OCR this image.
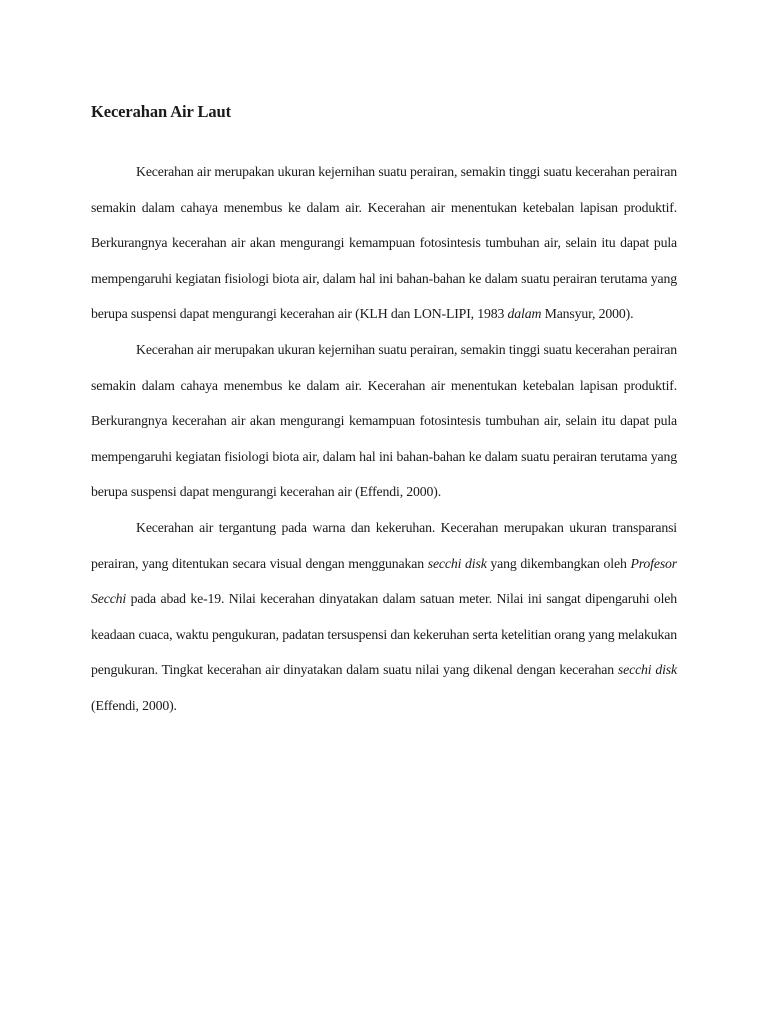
Kecerahan Air Laut

Kecerahan air merupakan ukuran kejernihan suatu perairan, semakin tinggi suatu kecerahan perairan semakin dalam cahaya menembus ke dalam air. Kecerahan air menentukan ketebalan lapisan produktif. Berkurangnya kecerahan air akan mengurangi kemampuan fotosintesis tumbuhan air, selain itu dapat pula mempengaruhi kegiatan fisiologi biota air, dalam hal ini bahan-bahan ke dalam suatu perairan terutama yang berupa suspensi dapat mengurangi kecerahan air (KLH dan LON-LIPI, 1983 dalam Mansyur, 2000).

Kecerahan air merupakan ukuran kejernihan suatu perairan, semakin tinggi suatu kecerahan perairan semakin dalam cahaya menembus ke dalam air. Kecerahan air menentukan ketebalan lapisan produktif. Berkurangnya kecerahan air akan mengurangi kemampuan fotosintesis tumbuhan air, selain itu dapat pula mempengaruhi kegiatan fisiologi biota air, dalam hal ini bahan-bahan ke dalam suatu perairan terutama yang berupa suspensi dapat mengurangi kecerahan air (Effendi, 2000).

Kecerahan air tergantung pada warna dan kekeruhan. Kecerahan merupakan ukuran transparansi perairan, yang ditentukan secara visual dengan menggunakan secchi disk yang dikembangkan oleh Profesor Secchi pada abad ke-19. Nilai kecerahan dinyatakan dalam satuan meter. Nilai ini sangat dipengaruhi oleh keadaan cuaca, waktu pengukuran, padatan tersuspensi dan kekeruhan serta ketelitian orang yang melakukan pengukuran. Tingkat kecerahan air dinyatakan dalam suatu nilai yang dikenal dengan kecerahan secchi disk (Effendi, 2000).
